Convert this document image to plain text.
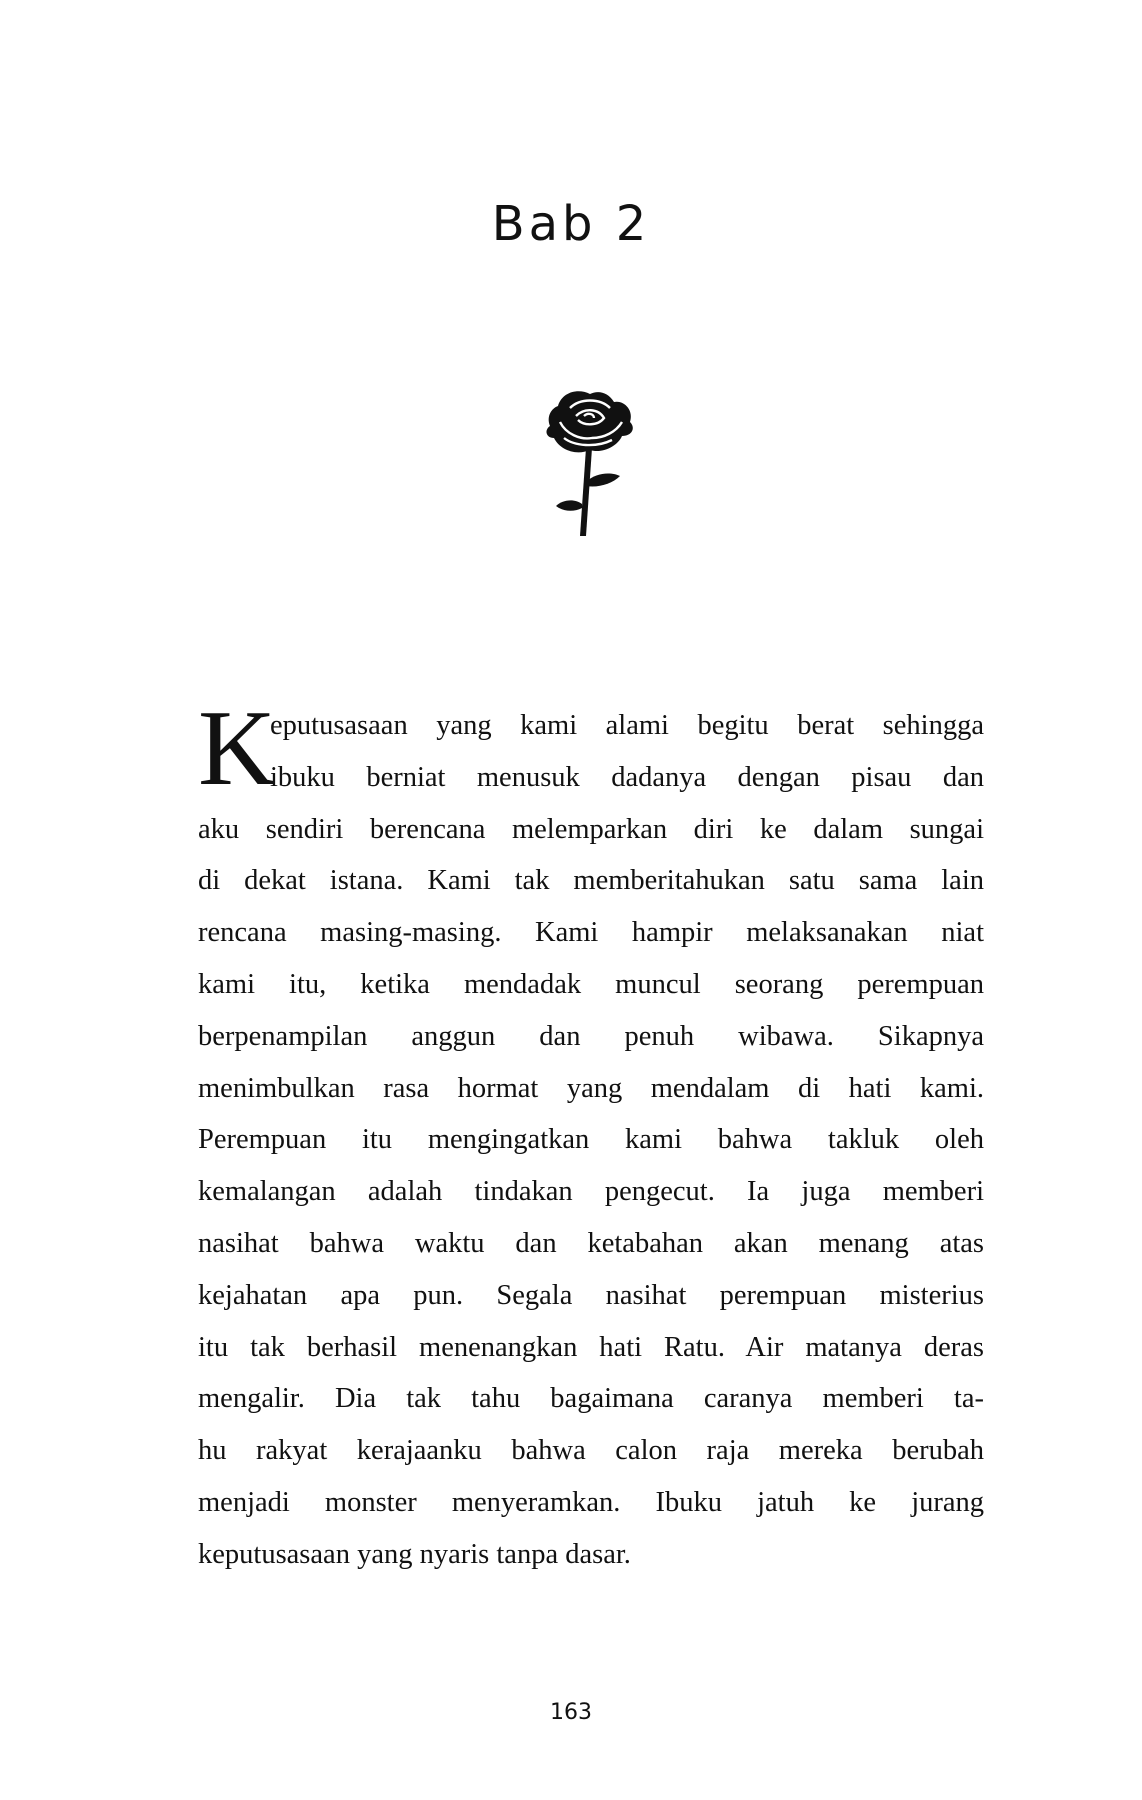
Bab 2
K
eputusasaan yang kami alami begitu berat sehingga
ibuku berniat menusuk dadanya dengan pisau dan
aku sendiri berencana melemparkan diri ke dalam sungai
di dekat istana. Kami tak memberitahukan satu sama lain
rencana masing-masing. Kami hampir melaksanakan niat
kami itu, ketika mendadak muncul seorang perempuan
berpenampilan anggun dan penuh wibawa. Sikapnya
menimbulkan rasa hormat yang mendalam di hati kami.
Perempuan itu mengingatkan kami bahwa takluk oleh
kemalangan adalah tindakan pengecut. Ia juga memberi
nasihat bahwa waktu dan ketabahan akan menang atas
kejahatan apa pun. Segala nasihat perempuan misterius
itu tak berhasil menenangkan hati Ratu. Air matanya deras
mengalir. Dia tak tahu bagaimana caranya memberi ta-
hu rakyat kerajaanku bahwa calon raja mereka berubah
menjadi monster menyeramkan. Ibuku jatuh ke jurang
keputusasaan yang nyaris tanpa dasar.
163
